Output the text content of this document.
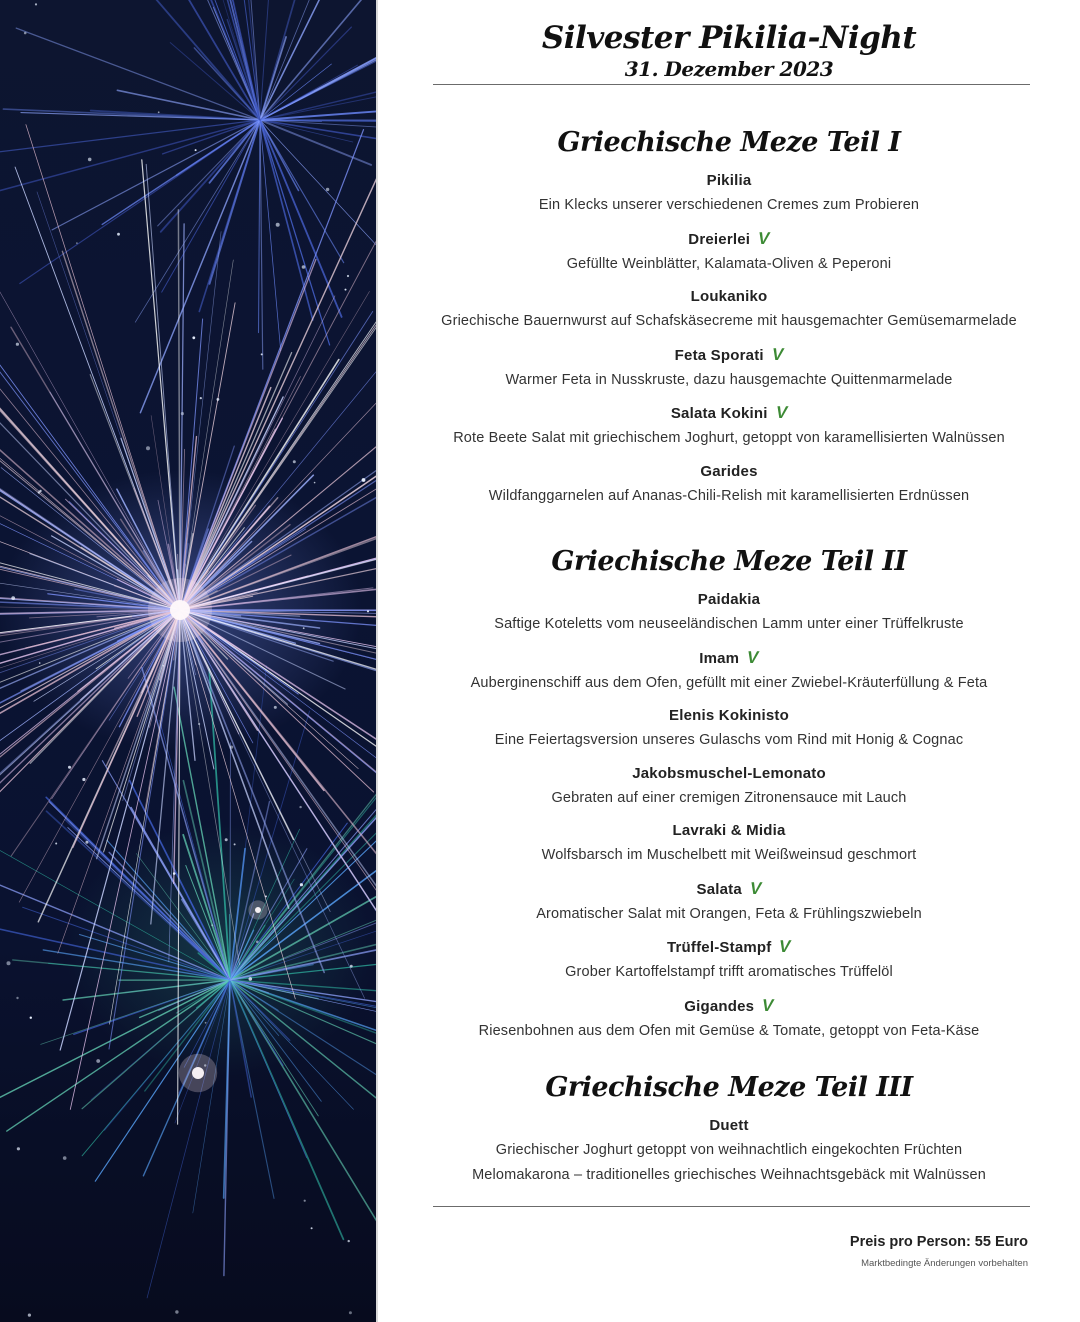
Silvester Pikilia-Night
31. Dezember 2023
Griechische Meze Teil I
Pikilia
Ein Klecks unserer verschiedenen Cremes zum Probieren
Dreierlei V
Gefüllte Weinblätter, Kalamata-Oliven & Peperoni
Loukaniko
Griechische Bauernwurst auf Schafskäsecreme mit hausgemachter Gemüsemarmelade
Feta Sporati V
Warmer Feta in Nusskruste, dazu hausgemachte Quittenmarmelade
Salata Kokini V
Rote Beete Salat mit griechischem Joghurt, getoppt von karamellisierten Walnüssen
Garides
Wildfanggarnelen auf Ananas-Chili-Relish mit karamellisierten Erdnüssen
Griechische Meze Teil II
Paidakia
Saftige Koteletts vom neuseeländischen Lamm unter einer Trüffelkruste
Imam V
Auberginenschiff aus dem Ofen, gefüllt mit einer Zwiebel-Kräuterfüllung & Feta
Elenis Kokinisto
Eine Feiertagsversion unseres Gulaschs vom Rind mit Honig & Cognac
Jakobsmuschel-Lemonato
Gebraten auf einer cremigen Zitronensauce mit Lauch
Lavraki & Midia
Wolfsbarsch im Muschelbett mit Weißweinsud geschmort
Salata V
Aromatischer Salat mit Orangen, Feta & Frühlingszwiebeln
Trüffel-Stampf V
Grober Kartoffelstampf trifft aromatisches Trüffelöl
Gigandes V
Riesenbohnen aus dem Ofen mit Gemüse & Tomate, getoppt von Feta-Käse
Griechische Meze Teil III
Duett
Griechischer Joghurt getoppt von weihnachtlich eingekochten Früchten
Melomakarona – traditionelles griechisches Weihnachtsgebäck mit Walnüssen
Preis pro Person: 55 Euro
Marktbedingte Änderungen vorbehalten
